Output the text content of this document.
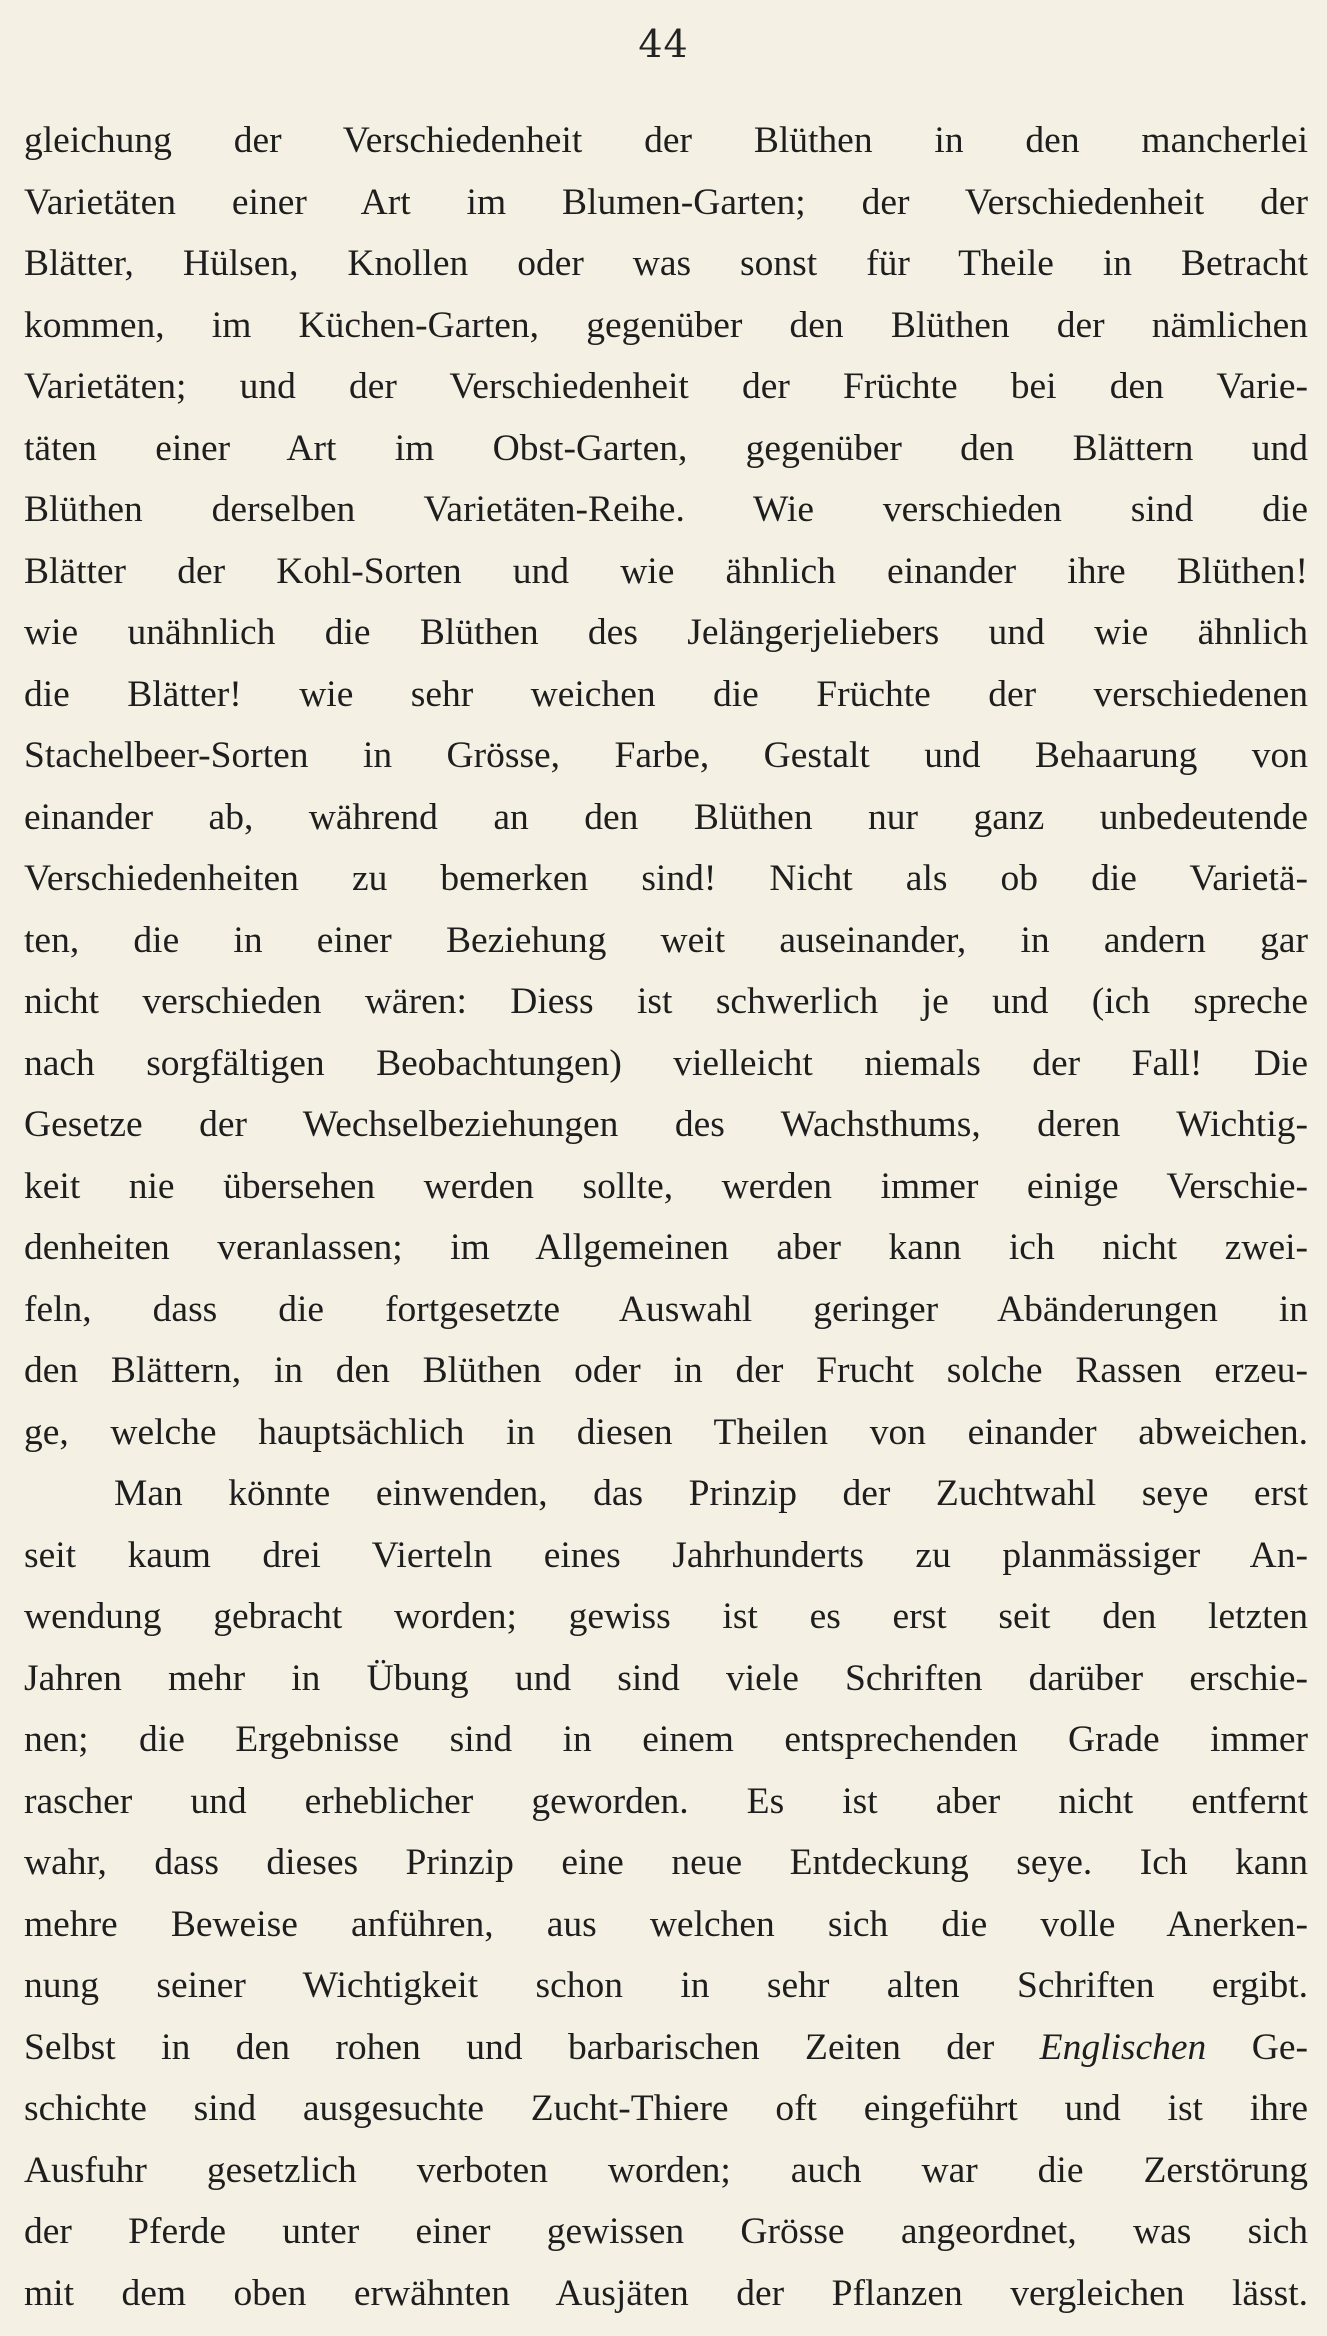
44
gleichung der Verschiedenheit der Blüthen in den mancherlei
Varietäten einer Art im Blumen-Garten; der Verschiedenheit der
Blätter, Hülsen, Knollen oder was sonst für Theile in Betracht
kommen, im Küchen-Garten, gegenüber den Blüthen der nämlichen
Varietäten; und der Verschiedenheit der Früchte bei den Varie-
täten einer Art im Obst-Garten, gegenüber den Blättern und
Blüthen derselben Varietäten-Reihe. Wie verschieden sind die
Blätter der Kohl-Sorten und wie ähnlich einander ihre Blüthen!
wie unähnlich die Blüthen des Jelängerjeliebers und wie ähnlich
die Blätter! wie sehr weichen die Früchte der verschiedenen
Stachelbeer-Sorten in Grösse, Farbe, Gestalt und Behaarung von
einander ab, während an den Blüthen nur ganz unbedeutende
Verschiedenheiten zu bemerken sind! Nicht als ob die Varietä-
ten, die in einer Beziehung weit auseinander, in andern gar
nicht verschieden wären: Diess ist schwerlich je und (ich spreche
nach sorgfältigen Beobachtungen) vielleicht niemals der Fall! Die
Gesetze der Wechselbeziehungen des Wachsthums, deren Wichtig-
keit nie übersehen werden sollte, werden immer einige Verschie-
denheiten veranlassen; im Allgemeinen aber kann ich nicht zwei-
feln, dass die fortgesetzte Auswahl geringer Abänderungen in
den Blättern, in den Blüthen oder in der Frucht solche Rassen erzeu-
ge, welche hauptsächlich in diesen Theilen von einander abweichen.
Man könnte einwenden, das Prinzip der Zuchtwahl seye erst
seit kaum drei Vierteln eines Jahrhunderts zu planmässiger An-
wendung gebracht worden; gewiss ist es erst seit den letzten
Jahren mehr in Übung und sind viele Schriften darüber erschie-
nen; die Ergebnisse sind in einem entsprechenden Grade immer
rascher und erheblicher geworden. Es ist aber nicht entfernt
wahr, dass dieses Prinzip eine neue Entdeckung seye. Ich kann
mehre Beweise anführen, aus welchen sich die volle Anerken-
nung seiner Wichtigkeit schon in sehr alten Schriften ergibt.
Selbst in den rohen und barbarischen Zeiten der Englischen Ge-
schichte sind ausgesuchte Zucht-Thiere oft eingeführt und ist ihre
Ausfuhr gesetzlich verboten worden; auch war die Zerstörung
der Pferde unter einer gewissen Grösse angeordnet, was sich
mit dem oben erwähnten Ausjäten der Pflanzen vergleichen lässt.
